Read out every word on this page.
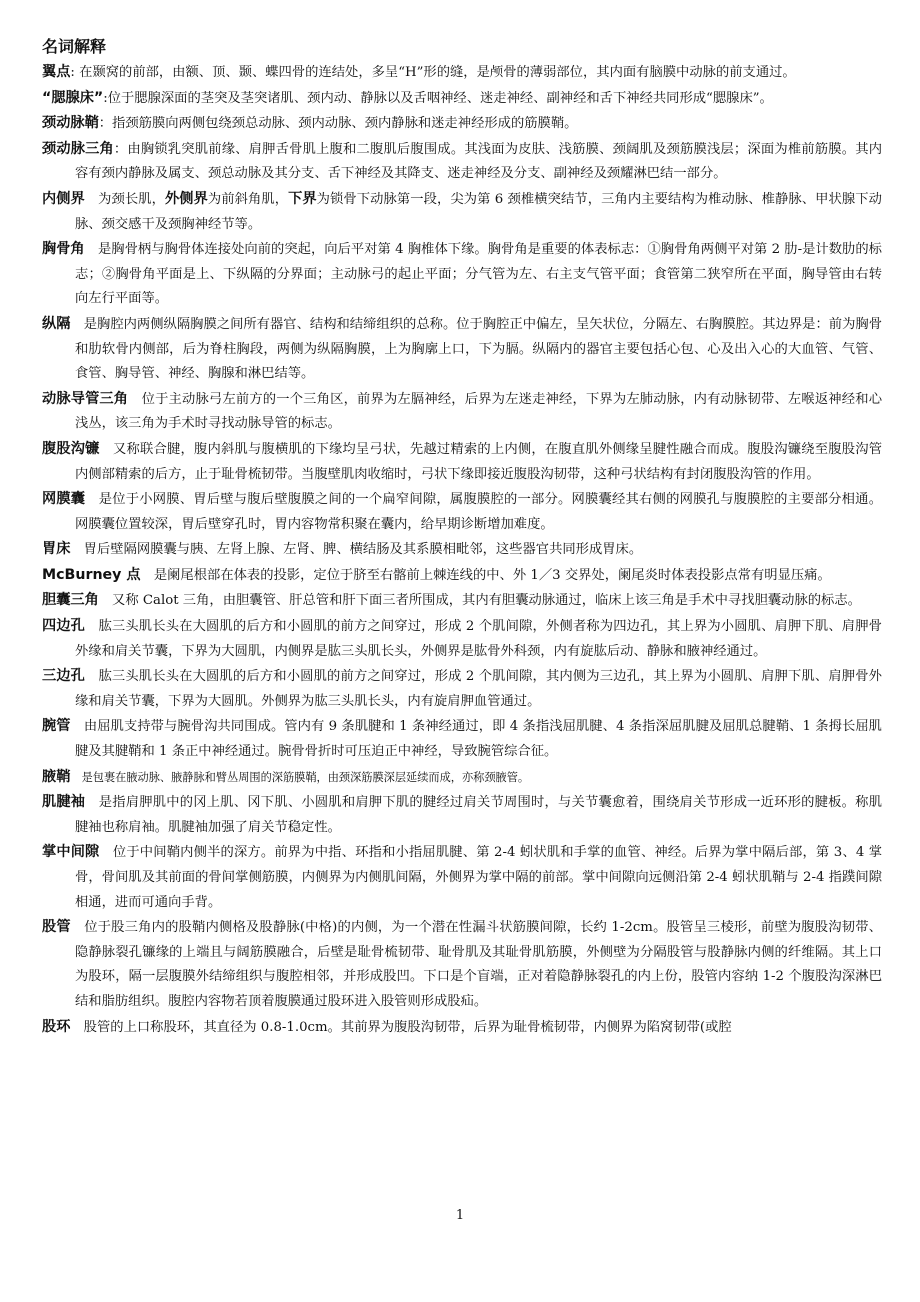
名词解释

翼点: 在颞窝的前部，由额、顶、颞、蝶四骨的连结处，多呈“H”形的缝，是颅骨的薄弱部位，其内面有脑膜中动脉的前支通过。

“腮腺床”:位于腮腺深面的茎突及茎突诸肌、颈内动、静脉以及舌咽神经、迷走神经、副神经和舌下神经共同形成“腮腺床”。

颈动脉鞘：指颈筋膜向两侧包绕颈总动脉、颈内动脉、颈内静脉和迷走神经形成的筋膜鞘。

颈动脉三角：由胸锁乳突肌前缘、肩胛舌骨肌上腹和二腹肌后腹围成。其浅面为皮肤、浅筋膜、颈阔肌及颈筋膜浅层；深面为椎前筋膜。其内容有颈内静脉及属支、颈总动脉及其分支、舌下神经及其降支、迷走神经及分支、副神经及颈耀淋巴结一部分。

内侧界　为颈长肌，外侧界为前斜角肌，下界为锁骨下动脉第一段，尖为第 6 颈椎横突结节，三角内主要结构为椎动脉、椎静脉、甲状腺下动脉、颈交感干及颈胸神经节等。

胸骨角　是胸骨柄与胸骨体连接处向前的突起，向后平对第 4 胸椎体下缘。胸骨角是重要的体表标志：①胸骨角两侧平对第 2 肋-是计数肋的标志；②胸骨角平面是上、下纵隔的分界面；主动脉弓的起止平面；分气管为左、右主支气管平面；食管第二狭窄所在平面，胸导管由右转向左行平面等。

纵隔　是胸腔内两侧纵隔胸膜之间所有器官、结构和结缔组织的总称。位于胸腔正中偏左，呈矢状位，分隔左、右胸膜腔。其边界是：前为胸骨和肋软骨内侧部，后为脊柱胸段，两侧为纵隔胸膜，上为胸廓上口，下为膈。纵隔内的器官主要包括心包、心及出入心的大血管、气管、食管、胸导管、神经、胸腺和淋巴结等。

动脉导管三角　位于主动脉弓左前方的一个三角区，前界为左膈神经，后界为左迷走神经，下界为左肺动脉，内有动脉韧带、左喉返神经和心浅丛，该三角为手术时寻找动脉导管的标志。

腹股沟镰　又称联合腱，腹内斜肌与腹横肌的下缘均呈弓状，先越过精索的上内侧，在腹直肌外侧缘呈腱性融合而成。腹股沟镰绕至腹股沟管内侧部精索的后方，止于耻骨梳韧带。当腹壁肌肉收缩时，弓状下缘即接近腹股沟韧带，这种弓状结构有封闭腹股沟管的作用。

网膜囊　是位于小网膜、胃后壁与腹后壁腹膜之间的一个扁窄间隙，属腹膜腔的一部分。网膜囊经其右侧的网膜孔与腹膜腔的主要部分相通。网膜囊位置较深，胃后壁穿孔时，胃内容物常积聚在囊内，给早期诊断增加难度。

胃床　胃后壁隔网膜囊与胰、左肾上腺、左肾、脾、横结肠及其系膜相毗邻，这些器官共同形成胃床。

McBurney 点　是阑尾根部在体表的投影，定位于脐至右髂前上棘连线的中、外 1／3 交界处，阑尾炎时体表投影点常有明显压痛。

胆囊三角　又称 Calot 三角，由胆囊管、肝总管和肝下面三者所围成，其内有胆囊动脉通过，临床上该三角是手术中寻找胆囊动脉的标志。

四边孔　肱三头肌长头在大圆肌的后方和小圆肌的前方之间穿过，形成 2 个肌间隙，外侧者称为四边孔，其上界为小圆肌、肩胛下肌、肩胛骨外缘和肩关节囊，下界为大圆肌，内侧界是肱三头肌长头，外侧界是肱骨外科颈，内有旋肱后动、静脉和腋神经通过。

三边孔　肱三头肌长头在大圆肌的后方和小圆肌的前方之间穿过，形成 2 个肌间隙，其内侧为三边孔，其上界为小圆肌、肩胛下肌、肩胛骨外缘和肩关节囊，下界为大圆肌。外侧界为肱三头肌长头，内有旋肩胛血管通过。

腕管　由屈肌支持带与腕骨沟共同围成。管内有 9 条肌腱和 1 条神经通过，即 4 条指浅屈肌腱、4 条指深屈肌腱及屈肌总腱鞘、1 条拇长屈肌腱及其腱鞘和 1 条正中神经通过。腕骨骨折时可压迫正中神经，导致腕管综合征。

腋鞘　是包裹在腋动脉、腋静脉和臂丛周围的深筋膜鞘，由颈深筋膜深层延续而成，亦称颈腋管。

肌腱袖　是指肩胛肌中的冈上肌、冈下肌、小圆肌和肩胛下肌的腱经过肩关节周围时，与关节囊愈着，围绕肩关节形成一近环形的腱板。称肌腱袖也称肩袖。肌腱袖加强了肩关节稳定性。

掌中间隙　位于中间鞘内侧半的深方。前界为中指、环指和小指屈肌腱、第 2-4 蚓状肌和手掌的血管、神经。后界为掌中隔后部，第 3、4 掌骨，骨间肌及其前面的骨间掌侧筋膜，内侧界为内侧肌间隔，外侧界为掌中隔的前部。掌中间隙向远侧沿第 2-4 蚓状肌鞘与 2-4 指蹼间隙相通，进而可通向手背。

股管　位于股三角内的股鞘内侧格及股静脉(中格)的内侧，为一个潜在性漏斗状筋膜间隙，长约 1-2cm。股管呈三棱形，前壁为腹股沟韧带、隐静脉裂孔镰缘的上端且与阔筋膜融合，后壁是耻骨梳韧带、耻骨肌及其耻骨肌筋膜，外侧壁为分隔股管与股静脉内侧的纤维隔。其上口为股环，隔一层腹膜外结缔组织与腹腔相邻，并形成股凹。下口是个盲端，正对着隐静脉裂孔的内上份，股管内容纳 1-2 个腹股沟深淋巴结和脂肪组织。腹腔内容物若顶着腹膜通过股环进入股管则形成股疝。

股环　股管的上口称股环，其直径为 0.8-1.0cm。其前界为腹股沟韧带，后界为耻骨梳韧带，内侧界为陷窝韧带(或腔

1
